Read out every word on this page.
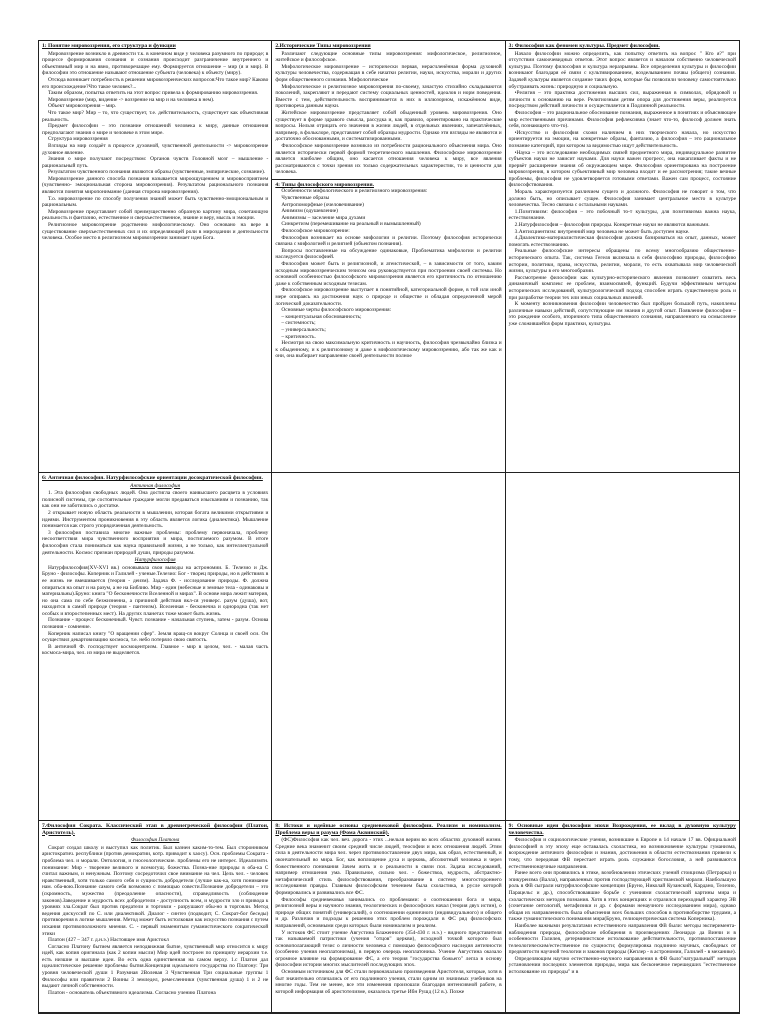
1: Понятие мировоззрения, его структура и функции

Мировоззрение возникло в древности т.к. в конечном виде у человека разумного по природе; в процессе формирования сознания и сознания происходит разграничение внутреннего и объективный мир и на явно, противоречащее ему. Формируется отношение – мир (я и мир). В философии это отношение называют отношение субъекта (человека) к объекту (миру).

Отсюда возникает потребность в решении мировоззренческих вопросов:Что такое мир? Каково его происхождение?Что такое человек?...

Таким образом, попытка ответить на этот вопрос привела к формированию мировоззрения.

Мировоззрение (мир, видение -> воззрение на мир и на человека в нем).

Объект мировоззрения – мир.

Что такое мир? Мир – то, что существует, т.е. действительность, существует как объективная реальность.

Предмет философии – это познание отношений человека к миру, данные отношения предполагают знания о мире и человеке в этом мире.

Структура мировоззрения

Взгляды на мир создаёт в процессе духовной, чувственной деятельности -> мировоззрение духовное явление.

Знания о мире получают посредством: Органов чувств Головной мозг – мышление - рациональный путь.

Результатом чувственного познания являются образы (чувственные, эмпирические, сознание).

Мировоззрение данного способа познания называется мироощущением и мировосприятием (чувственно- эмоциональная сторона мировоззрения). Результатом рационального познания являются понятия миропонимание (данная сторона мировоззрения).

Т.о. мировоззрение по способу получения знаний может быть чувственно-эмоциональным и рациональным.

Мировоззрение представляет собой преимущественно образную картину мира, сочетающую реальность и фантазию, естественное и сверхъестественное, знание и веру, мысль и эмоции.

Религиозное мировоззрение родственно мифологическому. Оно основано на вере в существование сверхъестественных сил и их определяющей роли в мироздании и деятельности человека. Особое место в религиозном мировоззрении занимает идея Бога.

2.Исторические Типы мировоззрения

Различают следующие основные типы мировоззрения: мифологическое, религиозное, житейское и философское.

Мифологическое мировоззрение – исторически первая, нерасчленённая форма духовной культуры человечества, содержащая в себе начатки религии, науки, искусства, морали и других форм общественного сознания. Мифологическое

Мифологическое и религиозное мировоззрения по-своему, зачастую стихийно складываются поколений, закрепляют и передают систему социальных ценностей, идеалов и норм поведения. Вместе с тем, действительность воспринимается в них в иллюзорном, искажённом виде, противореча данным науки.

Житейское мировоззрение представляет собой обыденный уровень мировоззрения. Оно существует в форме здравого смысла, рассудка и, как правило, ориентировано на практические вопросы. Нельзя отрицать его значения в жизни людей, в отдельных явлениях, запечатлённых, например, в фольклоре, представляет собой образцы мудрости. Однако эти взгляды не являются и достаточно обоснованными, и систематизированными.

Философское мировоззрение возникло из потребности рационального объяснения мира. Оно является исторически первой формой теоретического мышления. Философское мировоззрение является наиболее общим, оно касается отношения человека к миру, все явления рассматриваются с точки зрения их только содержательных характеристик, то и ценности для человека.

4: Типы философского мировоззрения.

Особенности мифологического и религиозного мировоззрения:

Чувственные образы

Антропоморфные (очеловечивание)

Анимизм (одушевление)

Анимизмы – заселение мира духами

Синкретизм (перемешивание на реальный и вымышленный)

Философское мировоззрение:

Философия возникает на основе мифологии и религии. Поэтому философия исторически связана с мифологией и религией (объектом познания).

Вопросы поставленные на обсуждение одинаковые, Проблематика мифологии и религии наследуется философией.

Философия может быть и религиозной, и атеистической, – в зависимости от того, каким исходным мировоззренческим тезисом она руководствуется при построении своей системы. Но основной особенностью философского мировоззрения является его критичность по отношению даже к собственным исходным тезисам.

Философское мировоззрение выступает в понятийной, категориальной форме, в той или иной мере опираясь на достижения наук о природе и обществе и обладая определенной мерой логической доказательности.

Основные черты философского мировоззрения:

– концептуальная обоснованность;

– системность;

– универсальность;

– критичность.

Несмотря на свою максимальную критичность и научность, философия чрезвычайно близка и к обыденному, и к религиозному и даже к мифологическому мировоззрению, або так же как и они, она выбирает направление своей деятельности полное

3: Философия как феномен культуры. Предмет философии.

Начало философии можно определить, как попытку ответить на вопрос " Кто я?" при отсутствии самоочевидных ответов. Этот вопрос является и началом собственно человеческой культуры. Поэтому философия и культура неразрывны. Все определения культуры и философии возникают благодаря её связи с культивированием, возделыванием почвы (общего) сознания. Задачей культуры является создание таких форм, которые бы позволили человеку самостоятельно обустраивать жизнь: природную и социальную.

•Религия – это практика достижения высших сил, выраженная в символах, обрядовой и личности к основанию на вере. Религиозным детям опора для достижения веры, реализуется посредством действий личности и осуществляется в Подлинной реальности.

Философия – это рациональное обоснование познания, выраженное в понятиях и объясняющее мир естественными причинами. Философия рефлексивна (знает что-то, философ должен знать себя, познающего что-то).

•Искусство и философия схожи наличием в них творческого начала, но искусство ориентируется на эмоции, на конкретные образы, фантазию, а философия – это рациональное познание категорий, при котором за видимостью ищут действительность.

•Наука – это исследование необходимых связей предметного мира, индивидуальное развитие субъектов науки не зависит науками. Для науки важен прогресс, она накапливает факты и не прервёт расширение знания об окружающем мире. Философия ориентирована на построение мировоззрения, в котором субъективный мир человека входит и ее рассмотрения; такие вечные проблемы, философия не удовлетворяется готовыми ответами. Важен сам процесс, состояние философствования.

Мораль характеризуется различием сущего и должного. Философия не говорит о том, что должно быть, но описывает сущее. Философия занимает центральное место в культуре человечества. Тесно связана с остальными науками.

1.Позитивизм: философия – это побочный то-т культуры, для позитивизма важна наука, естествознание.

2.Натурфилософия – философия природы. Конкретные науки не являются важными.

3.Антисциентизм: внутренний мир человека не может быть доступен науке.

4.Диалектико-материалистическая философия должна базироваться на опыт, данных, может помогать естествознанию.

Реальные философские интересы обращены по всему многообразию общественно-исторического опыта. Так, система Гегеля включала в себя философию природы, философию истории, политики, права, искусства, религии, морали, то есть охватывала мир человеческой жизни, культуры в его многообразии.

Рассмотрение философии как культурно-исторического явления позволяет охватить весь динамичный комплекс ее проблем, взаимосвязей, функций. Будучи эффективным методом исторических исследований, культурологический подход способен играть существенную роль и при разработке теории тех или иных социальных явлений.

К моменту возникновения философии человечество был пройден большой путь, накоплены различные навыки действий, сопутствующие им знания и другой опыт. Появление философии – это рождение особого, вторичного типа общественного сознания, направленного на осмысление уже сложившейся форм практики, культуры.

6: Античная философия. Натурфилософские ориентации досократической философии.
Античная философия

1. Эта философия свободных людей. Она достигла своего наивысшего расцвета в условиях полисной системы, где состоятельные граждане могли предаваться изысканиям и познанию, так как они не заботились о достатке.

2 открывает новую область реальности в мышлении, которая богата великими открытиями и идеями. Инструментом проникновения в эту область является логика (диалектика). Мышление понимается как строго упорядоченная деятельность.

3 философия поставила многие важные проблемы: проблему первоначала, проблему несоответствия мира чувственного восприятия и мира, постигаемого разумом. В итоге философия стала пониматься как наука правильной жизни, а не только, как интеллектуальной деятельности. Космос признан природой души, природы разумом.

Натурфилософия

Натурфилософия(XV-XVI вв.) основывала свои выводы на астрономии. Б. Телезио и Дж. Бруно - философы. Коперник и Галилей - ученые.Телезио: Бог - творец природы, но в действиях в ее жизнь не вмешивается (теория - деизм). Задача Ф. - исследование природы. Ф. должна опираться на опыт и на разум, а не на Библию. Мир - един (небесные и земные тела - одинаковы и материальны).Бруно: книга "О бесконечности Вселенной и мирах". В основе мира лежит материя, но она сама по себе безжизненна, а причиной действия вкл-ся универс. разум (душа), вот, находится в самой природе (теория - пантеизм). Вселенная - бесконечна и однородна (так нет особых и второстепенных мест). На других планетах тоже может быть жизнь.

Познание - процесс бесконечный. Чувст. познание - начальная ступень, затем - разум. Основа познания - сомнение.

Коперник написал книгу "О вращении сфер". Земля вращ-ся вокруг Солнца и своей оси. Он осуществил декартовизацию космоса, т.е. небо потеряло свою святость.

В античной Ф. господствует космоцентризм. Главное - мир в целом, чел. - малая часть космоса-мира, чел. из мира не выделяется.

7.Философия Сократа. Классический этап в древнегреческой философии (Платон, Аристотель).
Философия Платона

Сократ создал школу и выступил как политик. Был казнен каким-то-тем. Был сторонником аристократич. республики (против демократии, котр. приводит к хаосу). Осн. проблемы Сократа - проблема чел. и морали. Онтология, и гносеологические. проблемы его не интерес. Идеализмтн. понимание: Мир - творение великого и всемогущ. божества. Позна-ние природы в оба-ка С считал важным, и ненужным. Поэтому сосредоточил свое внимание на чел. Цель чел. - человек нравственный, хотя только самого себя и сущность добродетели (лучше как-ка, хотя понимание нам. оба-вою.Познание самого себя возможно с помощью совести.Познание добродетели – это (скромность, мужество (преодоление опасности), справедливость (соблюдение законов).Заведение и мудрость всех добродетели - доступность всем, и мудрости зло и привода к уровнях зла.Сократ был против предатели и торговли - разрушают обы-но в торговли. Метод ведения дискуссий по С. или диалектикой. Диалог - синтез (подводит, С. Сократ-бог беседы) противоречия в логике мышления. Метод может быть истолкован как искусство познания с путем искания противоположного мнения. С. - первый знаменитым гуманистического сократической этики

Платон (427 – 347 г. д.н.э.) Настоящее имя Аристокл

Согласно Платону бытием является неподвижная бытие, чувственный мир относится к миру идей, как копия оригинала (как 2 копии мысли) Мир идей построен по принципу иерархии т.е. есть низшие и высшие идеи. Во есть одна единственная на самом верху. 1.с Платон дал идеалистическое решение проблемы бытия.Концепция идеального государства по Платону: Три уровня человеческой души 1 Разумная 2Волевая 3 Чувственная Три социальные группы 1 Философы или правители 2 Воины 3 земледел, ремесленники (чувственная душа) 1 и 2 не выдают личной собственности.

Платон - основатель объективного идеализма. Согласно учению Платона

8: Истоки и идейные основы средневековой философии. Реализм и номинализм. Проблема веры и разума (Фома Аквинский).

(ФС)Философия как чел. веч. дорога - этих ...нельзя верим во всех областях духовной жизни. Средние века знаменит своим средний числе людей, теософии и всех отношения людей. Этим сила в деятельности мира чел. через противопоставление двух мира, как образ, естественный, и окончательный во мира. Бог, как воплощение духа и церковь, абсолютный человека и через божественного понимания Зачем жить и о реальности в связи пол. Задача исследований, например отношения ума. Правильное, сильно чел. - божествоа, мудрость, абстрактно-метафизический стиль философствования, преобразование в систему многостороннего исследования правды. Главным философским течением была схоластика, в русле которой формировались и развивались все ФС.

Философы средневековья занимались со проблемами: о соотношении бога и мира, религиозной веры и научного знания, теологических и философских начал (теория двух истин), о природе общих понятий (универсалий), о соотношении единичного (индивидуального) и общего и др. Различия и подходы к решению этих проблем порождали в ФС ряд философских направлений, основными среди которых были номинализм и реализм.

У истоков ФС стоит учение Августина Блаженного (354-430 г. н.э.) - видного представителя так называемой патристики (учения "отцов" церкви), исходной точкой которого был основополагающий тезис о личности человека с помощью философского наследия античности (особенно учения неоплатонизма), в первую очередь неоплатоника. Учение Августина оказало огромное влияние на формирование ФС, а его теория "государства божьего" легла в основу философии истории многих мыслителей последующих эпох.

Основным источником для ФС стали первоначально произведения Аристотеля, которые, хотя в быт значительно отличались от его подлинного учения, стали одним из значимых учебников на многие годы. Тем не менее, все эти изменения произошли благодаря интенсивной работе, в которой информация об аристотелизме, оказалось третье Ибн Рушд (12 в.). Позже

9: Основные идеи философии эпохи Возрождения, ее вклад в духовную культуру человечества.

Философия и социологические учения, возникшие в Европе в 14 начале 17 вв. Официальной философией в эту эпоху еще оставалась схоластика, но возникновение культуры гуманизма, возрождение античного философии и знания, достижения в области естествознания привели к тому, что передовая ФВ перестает играть роль служанки богословия, а ней развиваются естественнонаучные направления.

Ранее всего они проявились в этике, возобновлении этических учений стоицизма (Петрарка) и эпикуреизма (Валла), направленных против господствующей христианской морали. Наибольшую роль в ФВ сыграли натурфилософские концепции (Бруно, Николай Кузанский, Кардано, Телезио, Парацельс и др.), способствовавшие борьбе с учениями схоластической картины мира и схоластических методов познания. Хотя в этих концепциях и отразился переходный характер ЭВ (сочетание онтологий, метафизики и др. с формами ненаучного исследованием мира), однако общая их направленность была объяснения всех больших способов в противоборстве трудами, а также гуманистического понимания мира(Бруно, гелиоцентрическая система Коперника).

Наиболее важными результатами естественного направления ФВ были: методы эксперимента-наблюдения природы, философские обобщения в произведениях Леонардо да Винчи и в особенности Галилея, детерминистское истолкование действительности, противопоставление телеологическим/естественное по сущности; формулировка подлинно научных, свободных от предвзятости научной теологии и законов природы (Кеплер - в астрономии, Галилей - в механике).

Определяющим научно естественно-научного направления в ФВ было"натуральный" методов установлении последних элементов природы, мира как бесконечное перешедших "естественное истолкование их природы" и в
